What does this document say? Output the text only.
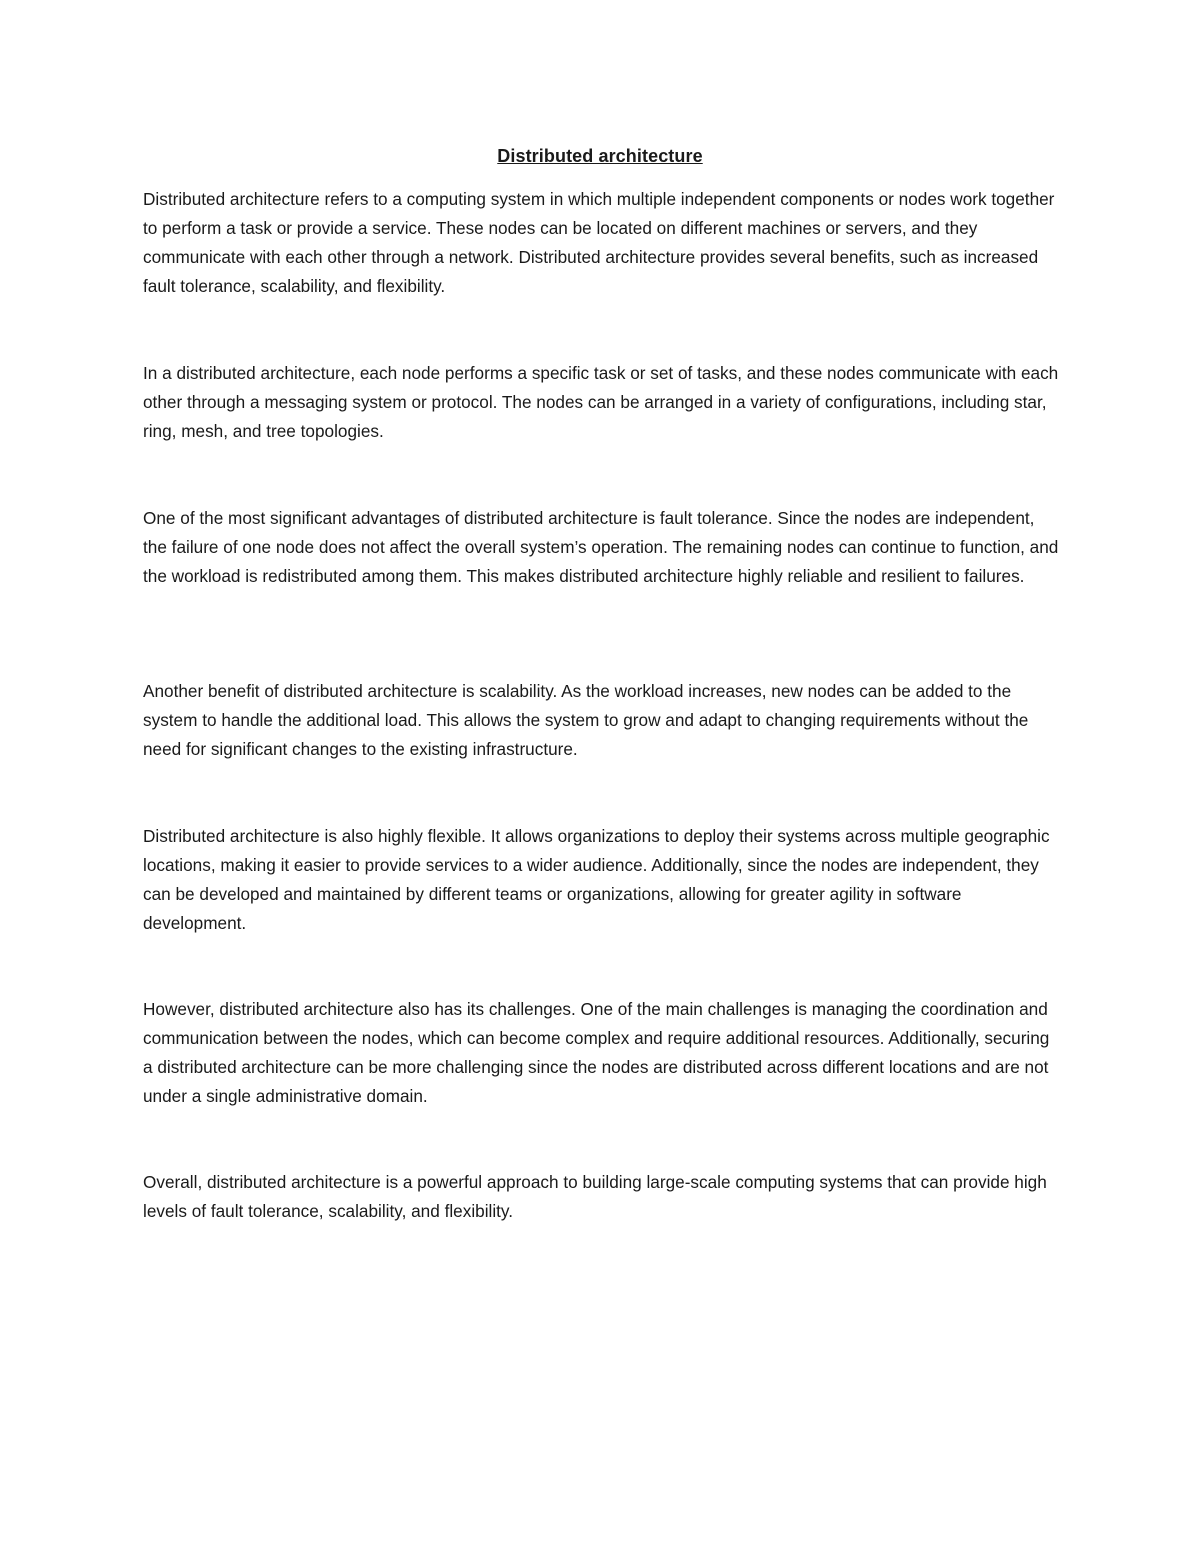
Distributed architecture

Distributed architecture refers to a computing system in which multiple independent components or nodes work together to perform a task or provide a service. These nodes can be located on different machines or servers, and they communicate with each other through a network. Distributed architecture provides several benefits, such as increased fault tolerance, scalability, and flexibility.

In a distributed architecture, each node performs a specific task or set of tasks, and these nodes communicate with each other through a messaging system or protocol. The nodes can be arranged in a variety of configurations, including star, ring, mesh, and tree topologies.

One of the most significant advantages of distributed architecture is fault tolerance. Since the nodes are independent, the failure of one node does not affect the overall system’s operation. The remaining nodes can continue to function, and the workload is redistributed among them. This makes distributed architecture highly reliable and resilient to failures.

Another benefit of distributed architecture is scalability. As the workload increases, new nodes can be added to the system to handle the additional load. This allows the system to grow and adapt to changing requirements without the need for significant changes to the existing infrastructure.

Distributed architecture is also highly flexible. It allows organizations to deploy their systems across multiple geographic locations, making it easier to provide services to a wider audience. Additionally, since the nodes are independent, they can be developed and maintained by different teams or organizations, allowing for greater agility in software development.

However, distributed architecture also has its challenges. One of the main challenges is managing the coordination and communication between the nodes, which can become complex and require additional resources. Additionally, securing a distributed architecture can be more challenging since the nodes are distributed across different locations and are not under a single administrative domain.

Overall, distributed architecture is a powerful approach to building large-scale computing systems that can provide high levels of fault tolerance, scalability, and flexibility.
